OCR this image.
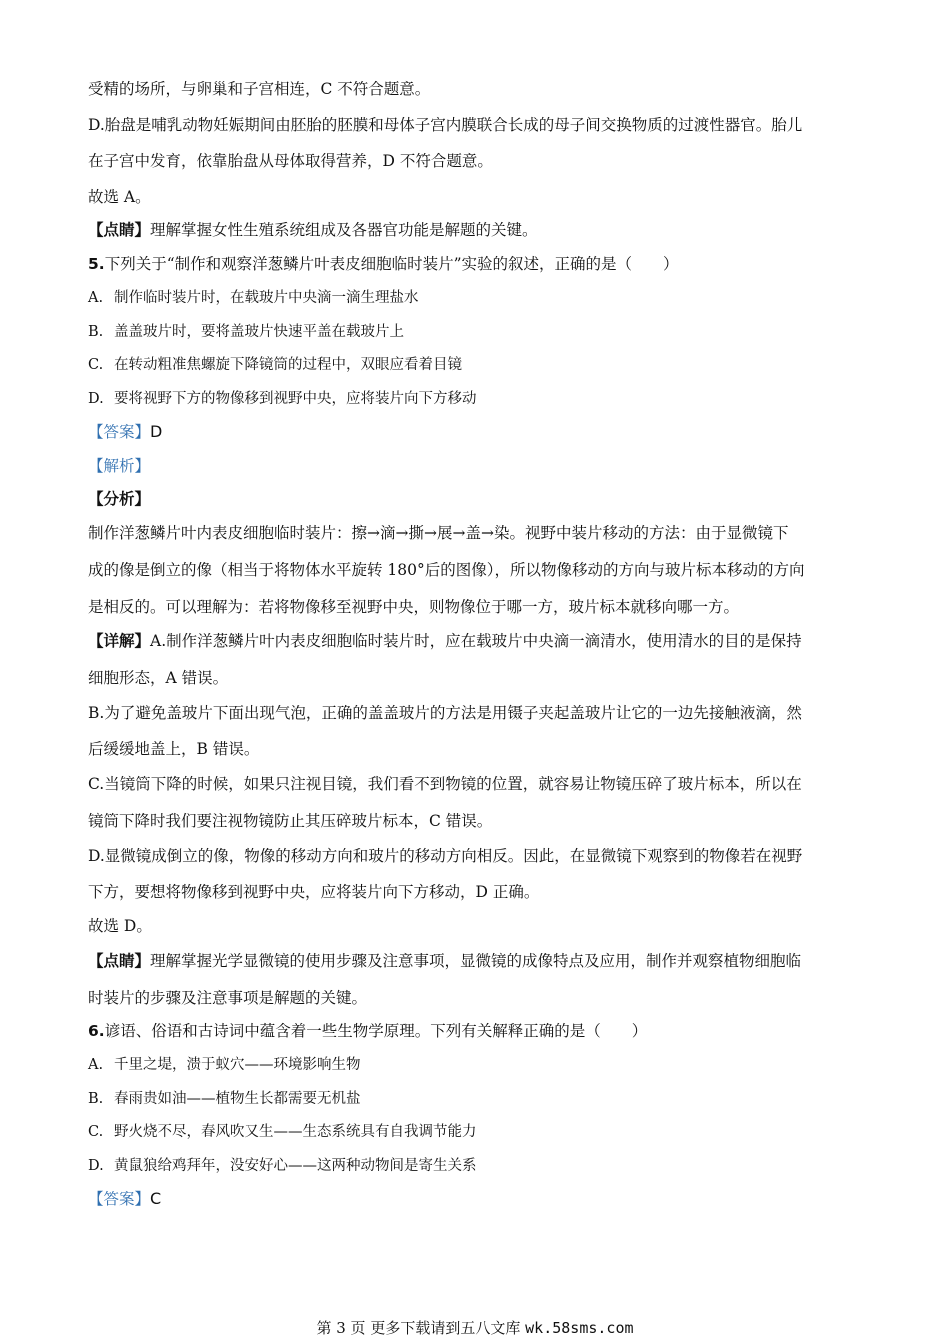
受精的场所，与卵巢和子宫相连，C 不符合题意。
D.胎盘是哺乳动物妊娠期间由胚胎的胚膜和母体子宫内膜联合长成的母子间交换物质的过渡性器官。胎儿
在子宫中发育，依靠胎盘从母体取得营养，D 不符合题意。
故选 A。
【点睛】理解掌握女性生殖系统组成及各器官功能是解题的关键。
5.下列关于“制作和观察洋葱鳞片叶表皮细胞临时装片”实验的叙述，正确的是（　　）
A. 制作临时装片时，在载玻片中央滴一滴生理盐水
B. 盖盖玻片时，要将盖玻片快速平盖在载玻片上
C. 在转动粗准焦螺旋下降镜筒的过程中，双眼应看着目镜
D. 要将视野下方的物像移到视野中央，应将装片向下方移动
【答案】D
【解析】
【分析】
制作洋葱鳞片叶内表皮细胞临时装片：擦→滴→撕→展→盖→染。视野中装片移动的方法：由于显微镜下
成的像是倒立的像（相当于将物体水平旋转 180°后的图像），所以物像移动的方向与玻片标本移动的方向
是相反的。可以理解为：若将物像移至视野中央，则物像位于哪一方，玻片标本就移向哪一方。
【详解】A.制作洋葱鳞片叶内表皮细胞临时装片时，应在载玻片中央滴一滴清水，使用清水的目的是保持
细胞形态，A 错误。
B.为了避免盖玻片下面出现气泡，正确的盖盖玻片的方法是用镊子夹起盖玻片让它的一边先接触液滴，然
后缓缓地盖上，B 错误。
C.当镜筒下降的时候，如果只注视目镜，我们看不到物镜的位置，就容易让物镜压碎了玻片标本，所以在
镜筒下降时我们要注视物镜防止其压碎玻片标本，C 错误。
D.显微镜成倒立的像，物像的移动方向和玻片的移动方向相反。因此，在显微镜下观察到的物像若在视野
下方，要想将物像移到视野中央，应将装片向下方移动，D 正确。
故选 D。
【点睛】理解掌握光学显微镜的使用步骤及注意事项，显微镜的成像特点及应用，制作并观察植物细胞临
时装片的步骤及注意事项是解题的关键。
6.谚语、俗语和古诗词中蕴含着一些生物学原理。下列有关解释正确的是（　　）
A. 千里之堤，溃于蚁穴——环境影响生物
B. 春雨贵如油——植物生长都需要无机盐
C. 野火烧不尽，春风吹又生——生态系统具有自我调节能力
D. 黄鼠狼给鸡拜年，没安好心——这两种动物间是寄生关系
【答案】C
第 3 页 更多下载请到五八文库 wk.58sms.com
